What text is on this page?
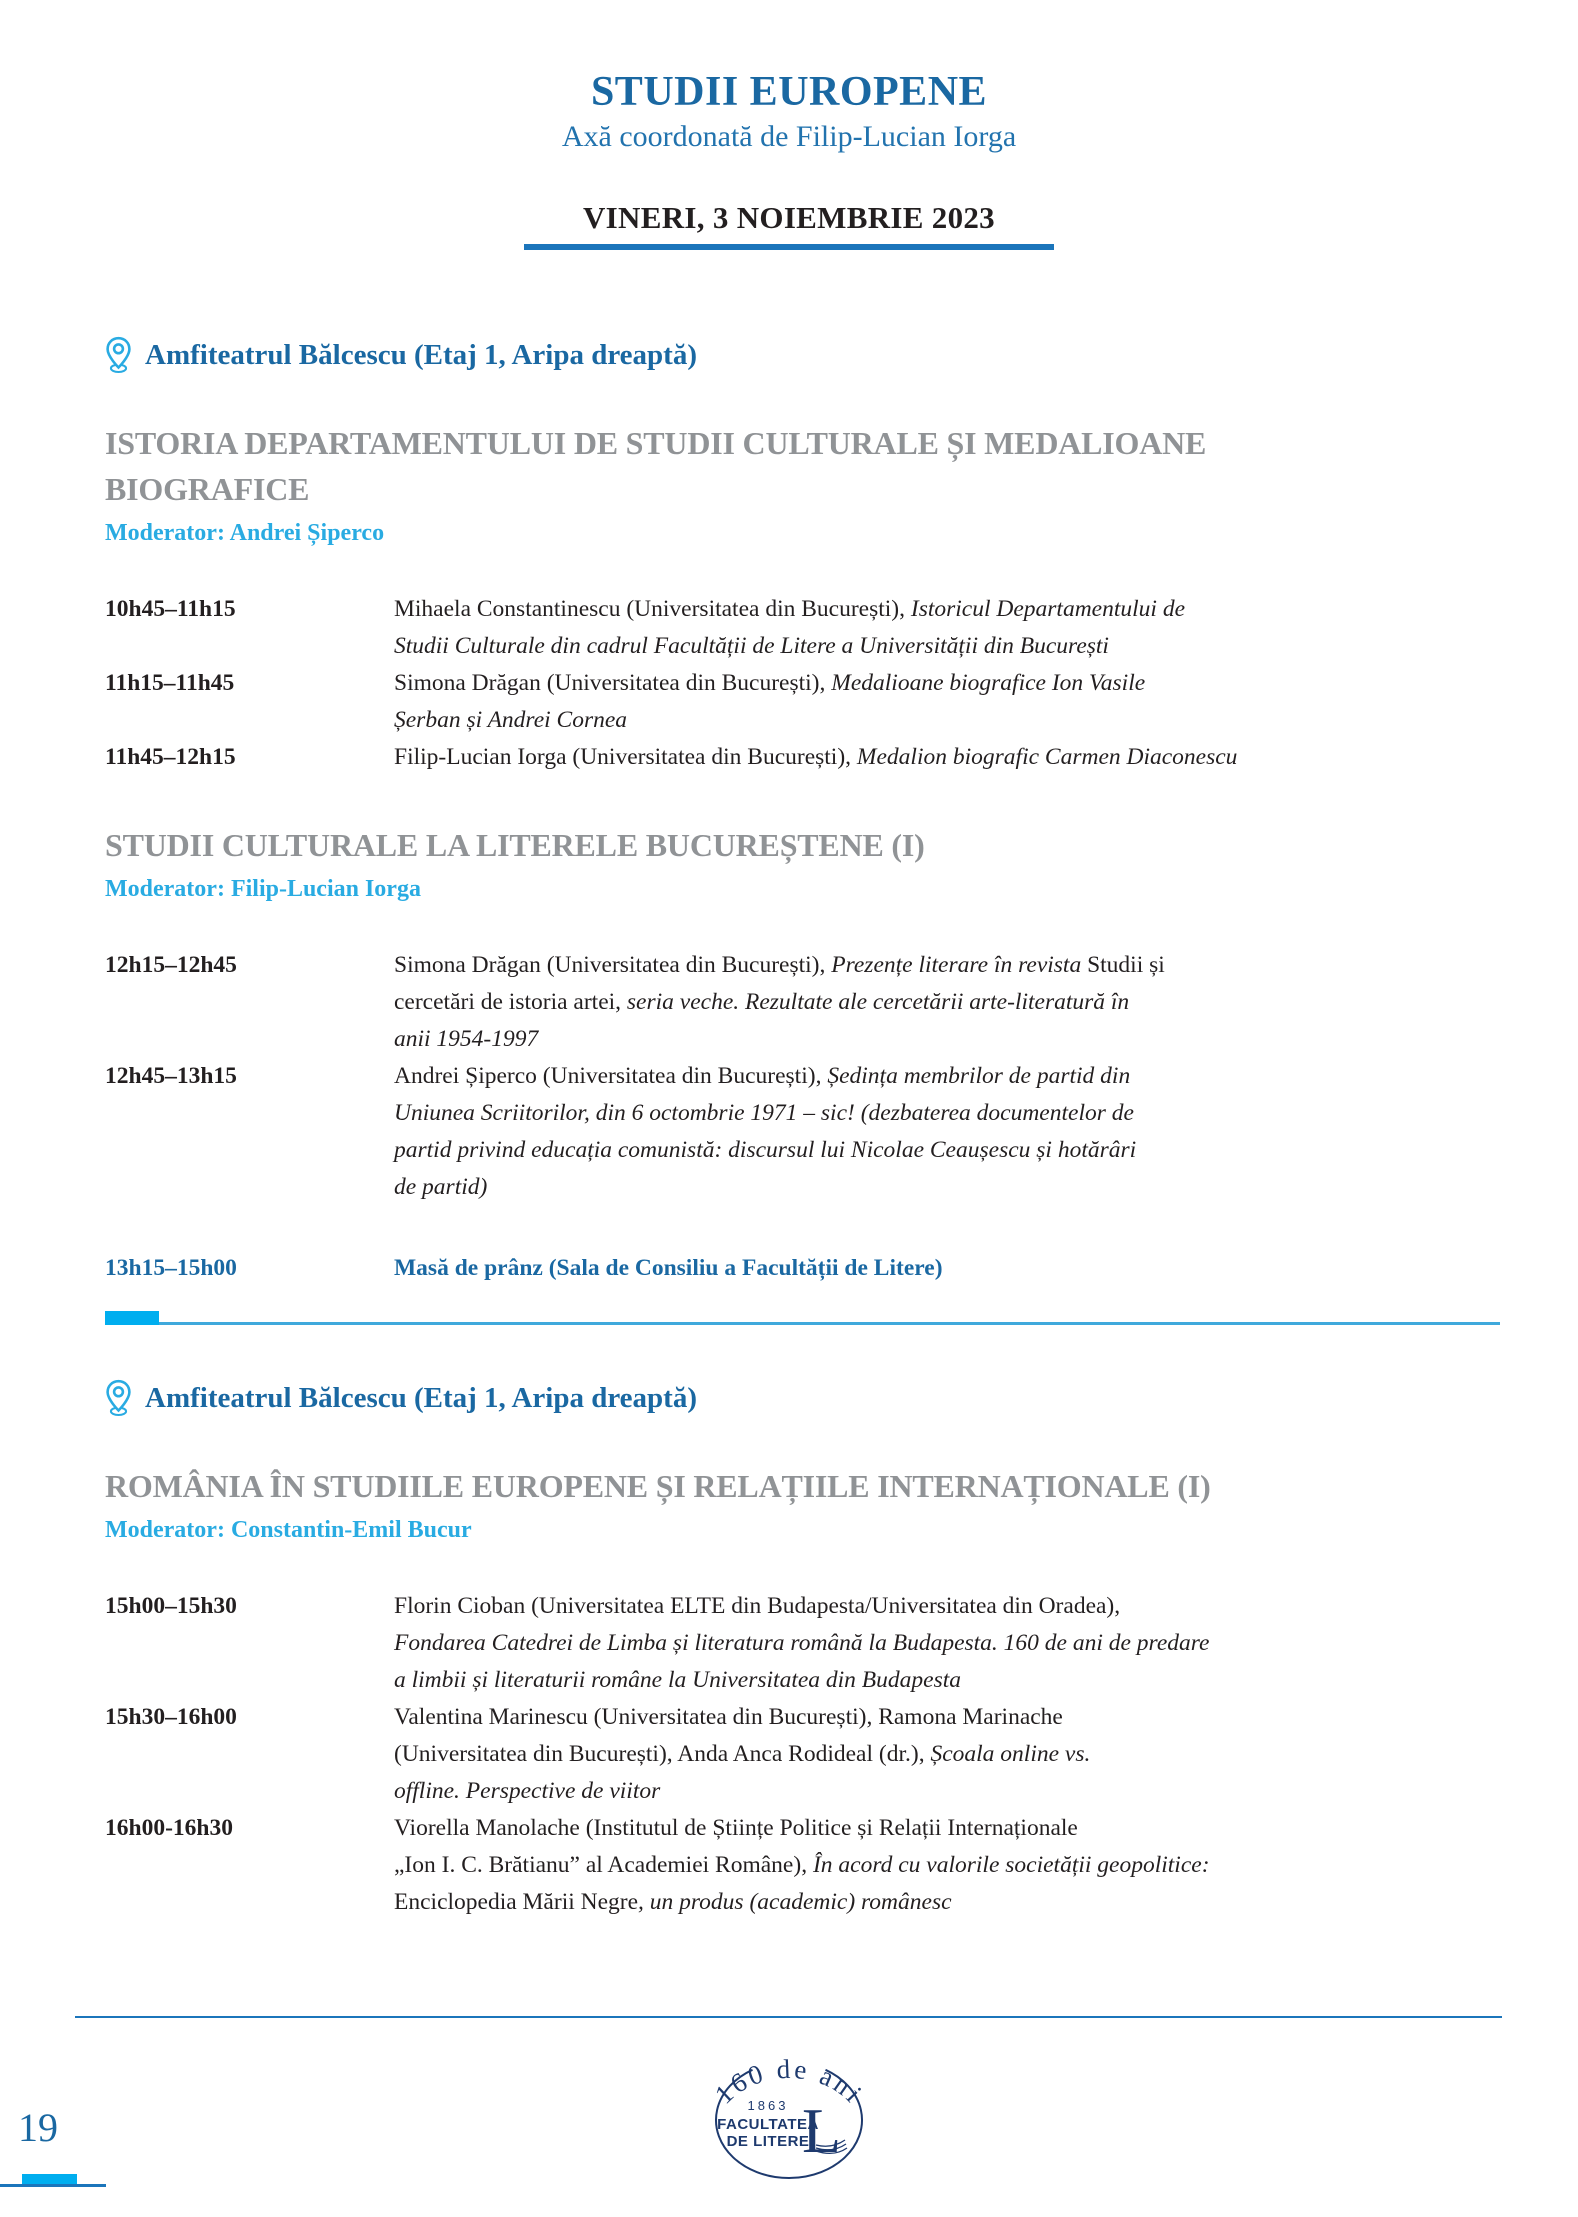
STUDII EUROPENE
Axă coordonată de Filip-Lucian Iorga
VINERI, 3 NOIEMBRIE 2023
Amfiteatrul Bălcescu (Etaj 1, Aripa dreaptă)
ISTORIA DEPARTAMENTULUI DE STUDII CULTURALE ȘI MEDALIOANE
BIOGRAFICE
Moderator: Andrei Șiperco
10h45–11h15	Mihaela Constantinescu (Universitatea din București), Istoricul Departamentului de
Studii Culturale din cadrul Facultății de Litere a Universității din București
11h15–11h45	Simona Drăgan (Universitatea din București), Medalioane biografice Ion Vasile
Șerban și Andrei Cornea
11h45–12h15	Filip-Lucian Iorga (Universitatea din București), Medalion biografic Carmen Diaconescu
STUDII CULTURALE LA LITERELE BUCUREȘTENE (I)
Moderator: Filip-Lucian Iorga
12h15–12h45	Simona Drăgan (Universitatea din București), Prezențe literare în revista Studii și
cercetări de istoria artei, seria veche. Rezultate ale cercetării arte-literatură în
anii 1954-1997
12h45–13h15	Andrei Șiperco (Universitatea din București), Ședința membrilor de partid din
Uniunea Scriitorilor, din 6 octombrie 1971 – sic! (dezbaterea documentelor de
partid privind educația comunistă: discursul lui Nicolae Ceaușescu și hotărâri
de partid)
13h15–15h00	Masă de prânz (Sala de Consiliu a Facultății de Litere)
Amfiteatrul Bălcescu (Etaj 1, Aripa dreaptă)
ROMÂNIA ÎN STUDIILE EUROPENE ȘI RELAȚIILE INTERNAȚIONALE (I)
Moderator: Constantin-Emil Bucur
15h00–15h30	Florin Cioban (Universitatea ELTE din Budapesta/Universitatea din Oradea),
Fondarea Catedrei de Limba și literatura română la Budapesta. 160 de ani de predare
a limbii și literaturii române la Universitatea din Budapesta
15h30–16h00	Valentina Marinescu (Universitatea din București), Ramona Marinache
(Universitatea din București), Anda Anca Rodideal (dr.), Școala online vs.
offline. Perspective de viitor
16h00-16h30	Viorella Manolache (Institutul de Științe Politice și Relații Internaționale
„Ion I. C. Brătianu” al Academiei Române), În acord cu valorile societății geopolitice:
Enciclopedia Mării Negre, un produs (academic) românesc
160 de ani
1863
FACULTATEA
DE LITERE
L
19
